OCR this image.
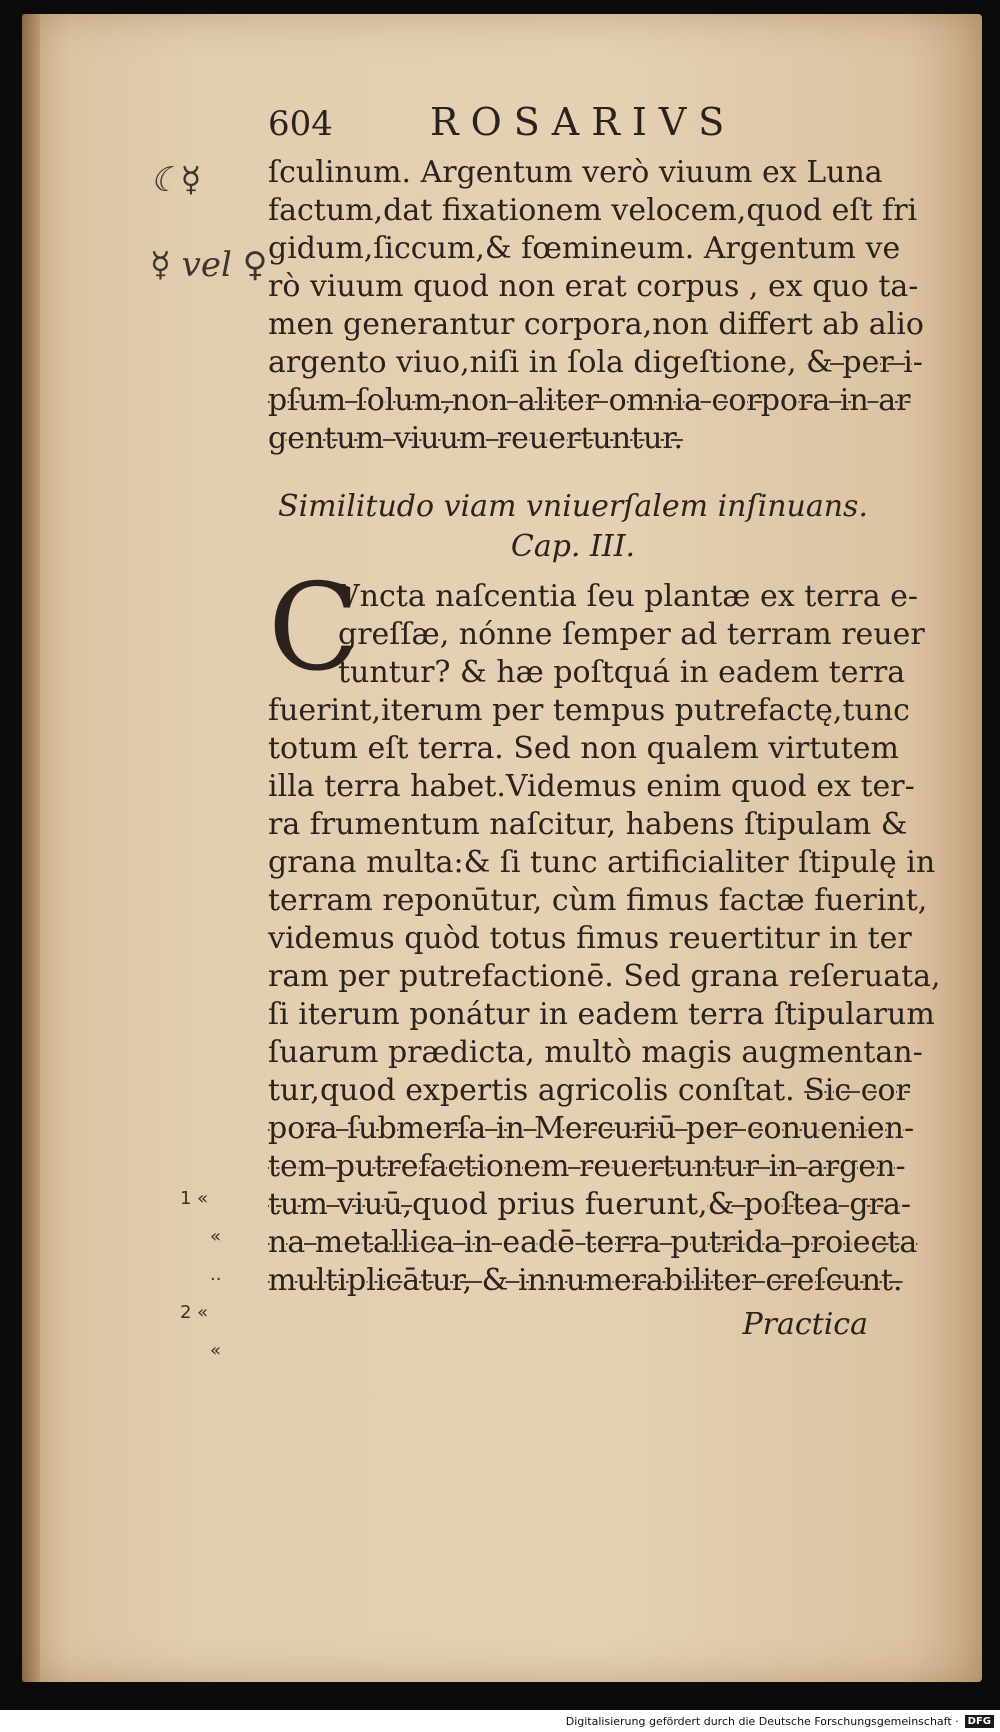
☾☿
☿ vel ♀
604	ROSARIVS
ſculinum. Argentum verò viuum ex Luna
factum,dat fixationem velocem,quod eſt fri
gidum,ſiccum,& fœmineum. Argentum ve
rò viuum quod non erat corpus , ex quo ta-
men generantur corpora,non differt ab alio
argento viuo,niſi in ſola digeſtione, & per i-
pſum ſolum,non aliter omnia corpora in ar
gentum viuum reuertuntur.
Similitudo viam vniuerſalem inſinuans.
Cap. III.
C
Vncta naſcentia ſeu plantæ ex terra e-
greſſæ, nónne ſemper ad terram reuer
tuntur? & hæ poſtquá in eadem terra
fuerint,iterum per tempus putrefactę,tunc
totum eſt terra. Sed non qualem virtutem
illa terra habet.Videmus enim quod ex ter-
ra frumentum naſcitur, habens ſtipulam &
grana multa:& ſi tunc artificialiter ſtipulę in
terram reponūtur, cùm fimus factæ fuerint,
videmus quòd totus fimus reuertitur in ter
ram per putrefactionē. Sed grana reſeruata,
ſi iterum ponátur in eadem terra ſtipularum
ſuarum prædicta, multò magis augmentan-
tur,quod expertis agricolis conſtat. Sic cor
pora ſubmerſa in Mercuriū per conuenien-
tem putrefactionem reuertuntur in argen-
tum viuū,quod prius fuerunt,& poſtea gra-
na metallica in eadē terra putrida proiecta
multiplicātur, & innumerabiliter creſcunt.
Practica
1 «
«
..
2 «
«
Digitalisierung gefördert durch die Deutsche Forschungsgemeinschaft · DFG
